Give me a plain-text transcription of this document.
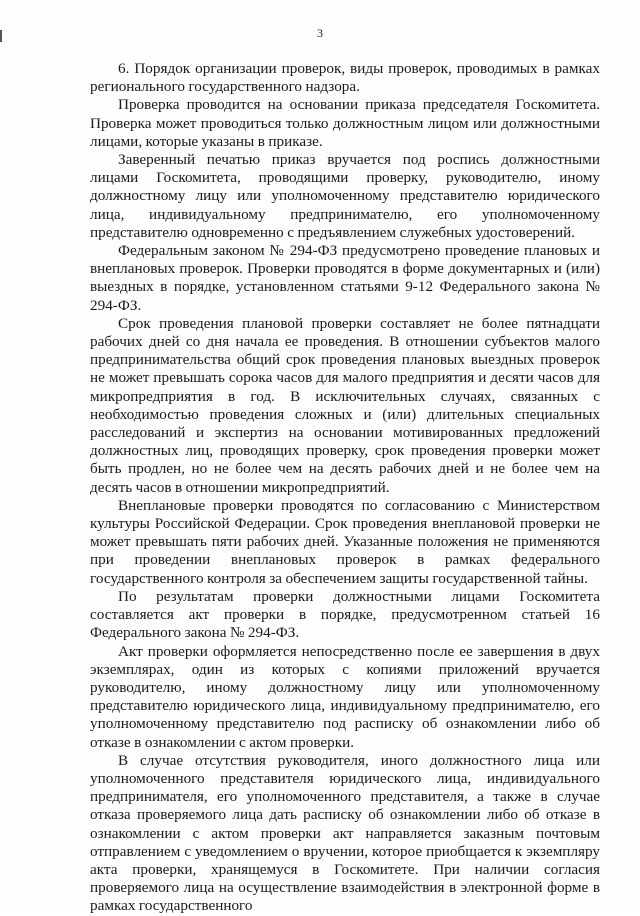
3

6. Порядок организации проверок, виды проверок, проводимых в рамках регионального государственного надзора.

Проверка проводится на основании приказа председателя Госкомитета. Проверка может проводиться только должностным лицом или должностными лицами, которые указаны в приказе.

Заверенный печатью приказ вручается под роспись должностными лицами Госкомитета, проводящими проверку, руководителю, иному должностному лицу или уполномоченному представителю юридического лица, индивидуальному предпринимателю, его уполномоченному представителю одновременно с предъявлением служебных удостоверений.

Федеральным законом № 294-ФЗ предусмотрено проведение плановых и внеплановых проверок. Проверки проводятся в форме документарных и (или) выездных в порядке, установленном статьями 9-12 Федерального закона № 294-ФЗ.

Срок проведения плановой проверки составляет не более пятнадцати рабочих дней со дня начала ее проведения. В отношении субъектов малого предпринимательства общий срок проведения плановых выездных проверок не может превышать сорока часов для малого предприятия и десяти часов для микропредприятия в год. В исключительных случаях, связанных с необходимостью проведения сложных и (или) длительных специальных расследований и экспертиз на основании мотивированных предложений должностных лиц, проводящих проверку, срок проведения проверки может быть продлен, но не более чем на десять рабочих дней и не более чем на десять часов в отношении микропредприятий.

Внеплановые проверки проводятся по согласованию с Министерством культуры Российской Федерации. Срок проведения внеплановой проверки не может превышать пяти рабочих дней. Указанные положения не применяются при проведении внеплановых проверок в рамках федерального государственного контроля за обеспечением защиты государственной тайны.

По результатам проверки должностными лицами Госкомитета составляется акт проверки в порядке, предусмотренном статьей 16 Федерального закона № 294-ФЗ.

Акт проверки оформляется непосредственно после ее завершения в двух экземплярах, один из которых с копиями приложений вручается руководителю, иному должностному лицу или уполномоченному представителю юридического лица, индивидуальному предпринимателю, его уполномоченному представителю под расписку об ознакомлении либо об отказе в ознакомлении с актом проверки.

В случае отсутствия руководителя, иного должностного лица или уполномоченного представителя юридического лица, индивидуального предпринимателя, его уполномоченного представителя, а также в случае отказа проверяемого лица дать расписку об ознакомлении либо об отказе в ознакомлении с актом проверки акт направляется заказным почтовым отправлением с уведомлением о вручении, которое приобщается к экземпляру акта проверки, хранящемуся в Госкомитете. При наличии согласия проверяемого лица на осуществление взаимодействия в электронной форме в рамках государственного
